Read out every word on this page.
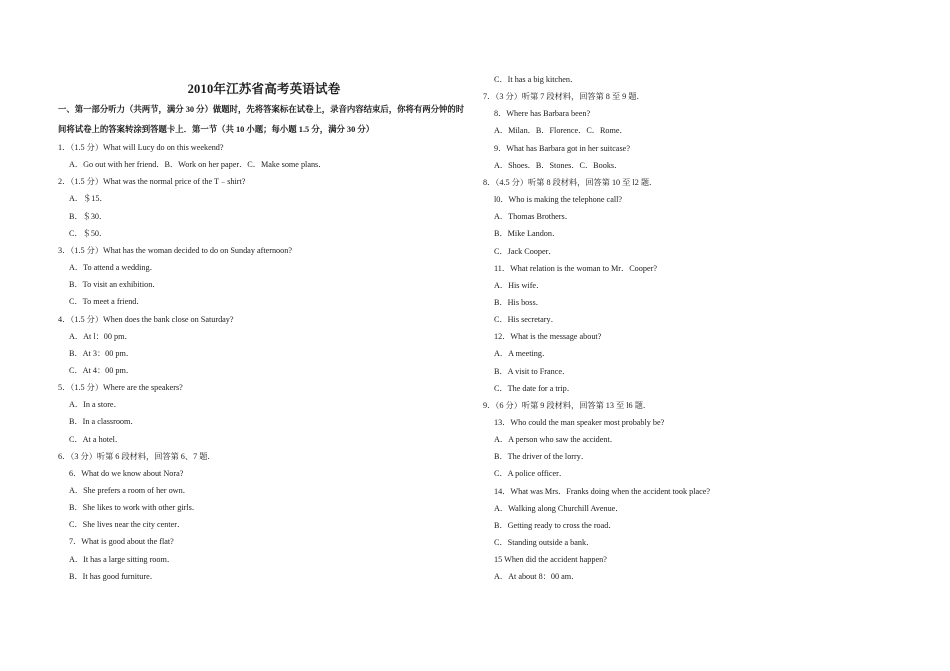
2010年江苏省高考英语试卷
一、第一部分听力（共两节，满分 30 分）做题时，先将答案标在试卷上，录音内容结束后，你将有两分钟的时
间将试卷上的答案转涂到答题卡上．第一节（共 10 小题；每小题 1.5 分，满分 30 分）
1．（1.5 分）What will Lucy do on this weekend?
A．Go out with her friend．B．Work on her paper．C．Make some plans．
2．（1.5 分）What was the normal price of the T﹣shirt?
A．＄15．
B．＄30．
C．＄50．
3．（1.5 分）What has the woman decided to do on Sunday afternoon?
A．To attend a wedding．
B．To visit an exhibition．
C．To meet a friend．
4．（1.5 分）When does the bank close on Saturday?
A．At l：00 pm．
B．At 3：00 pm．
C．At 4：00 pm．
5．（1.5 分）Where are the speakers?
A．In a store．
B．In a classroom．
C．At a hotel．
6．（3 分）听第 6 段材料，回答第 6、7 题．
6．What do we know about Nora?
A．She prefers a room of her own．
B．She likes to work with other girls．
C．She lives near the city center．
7．What is good about the flat?
A．It has a large sitting room．
B．It has good furniture．
C．It has a big kitchen．
7．（3 分）听第 7 段材料，回答第 8 至 9 题．
8．Where has Barbara been?
A．Milan．B．Florence．C．Rome．
9．What has Barbara got in her suitcase?
A．Shoes．B．Stones．C．Books．
8．（4.5 分）听第 8 段材料，回答第 10 至 l2 题．
l0．Who is making the telephone call?
A．Thomas Brothers．
B．Mike Landon．
C．Jack Cooper．
11．What relation is the woman to Mr．Cooper?
A．His wife．
B．His boss．
C．His secretary．
12．What is the message about?
A．A meeting．
B．A visit to France．
C．The date for a trip．
9．（6 分）听第 9 段材料，回答第 13 至 l6 题．
13．Who could the man speaker most probably be?
A．A person who saw the accident．
B．The driver of the lorry．
C．A police officer．
14．What was Mrs．Franks doing when the accident took place?
A．Walking along Churchill Avenue．
B．Getting ready to cross the road．
C．Standing outside a bank．
15 When did the accident happen?
A．At about 8：00 am．
